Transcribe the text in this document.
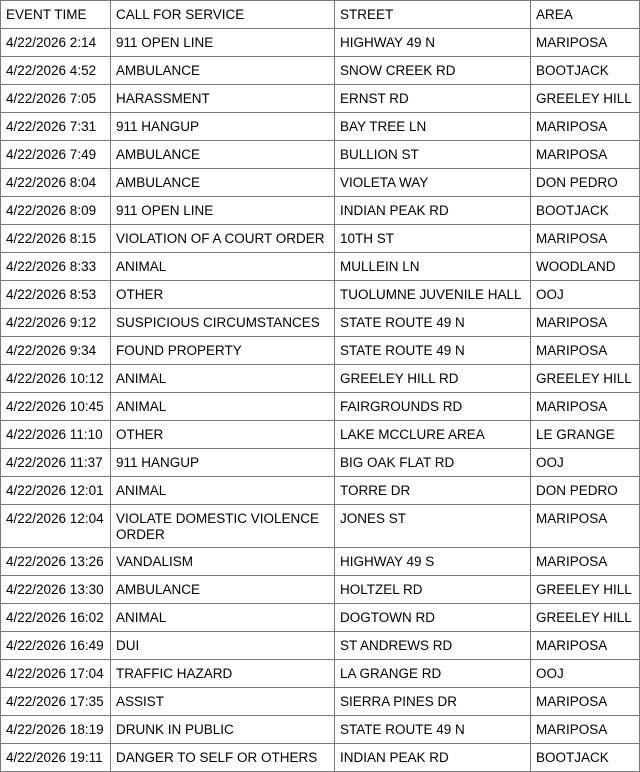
EVENT TIME	CALL FOR SERVICE	STREET	AREA
4/22/2026 2:14	911 OPEN LINE	HIGHWAY 49 N	MARIPOSA
4/22/2026 4:52	AMBULANCE	SNOW CREEK RD	BOOTJACK
4/22/2026 7:05	HARASSMENT	ERNST RD	GREELEY HILL
4/22/2026 7:31	911 HANGUP	BAY TREE LN	MARIPOSA
4/22/2026 7:49	AMBULANCE	BULLION ST	MARIPOSA
4/22/2026 8:04	AMBULANCE	VIOLETA WAY	DON PEDRO
4/22/2026 8:09	911 OPEN LINE	INDIAN PEAK RD	BOOTJACK
4/22/2026 8:15	VIOLATION OF A COURT ORDER	10TH ST	MARIPOSA
4/22/2026 8:33	ANIMAL	MULLEIN LN	WOODLAND
4/22/2026 8:53	OTHER	TUOLUMNE JUVENILE HALL	OOJ
4/22/2026 9:12	SUSPICIOUS CIRCUMSTANCES	STATE ROUTE 49 N	MARIPOSA
4/22/2026 9:34	FOUND PROPERTY	STATE ROUTE 49 N	MARIPOSA
4/22/2026 10:12	ANIMAL	GREELEY HILL RD	GREELEY HILL
4/22/2026 10:45	ANIMAL	FAIRGROUNDS RD	MARIPOSA
4/22/2026 11:10	OTHER	LAKE MCCLURE AREA	LE GRANGE
4/22/2026 11:37	911 HANGUP	BIG OAK FLAT RD	OOJ
4/22/2026 12:01	ANIMAL	TORRE DR	DON PEDRO
4/22/2026 12:04	VIOLATE DOMESTIC VIOLENCE ORDER	JONES ST	MARIPOSA
4/22/2026 13:26	VANDALISM	HIGHWAY 49 S	MARIPOSA
4/22/2026 13:30	AMBULANCE	HOLTZEL RD	GREELEY HILL
4/22/2026 16:02	ANIMAL	DOGTOWN RD	GREELEY HILL
4/22/2026 16:49	DUI	ST ANDREWS RD	MARIPOSA
4/22/2026 17:04	TRAFFIC HAZARD	LA GRANGE RD	OOJ
4/22/2026 17:35	ASSIST	SIERRA PINES DR	MARIPOSA
4/22/2026 18:19	DRUNK IN PUBLIC	STATE ROUTE 49 N	MARIPOSA
4/22/2026 19:11	DANGER TO SELF OR OTHERS	INDIAN PEAK RD	BOOTJACK
